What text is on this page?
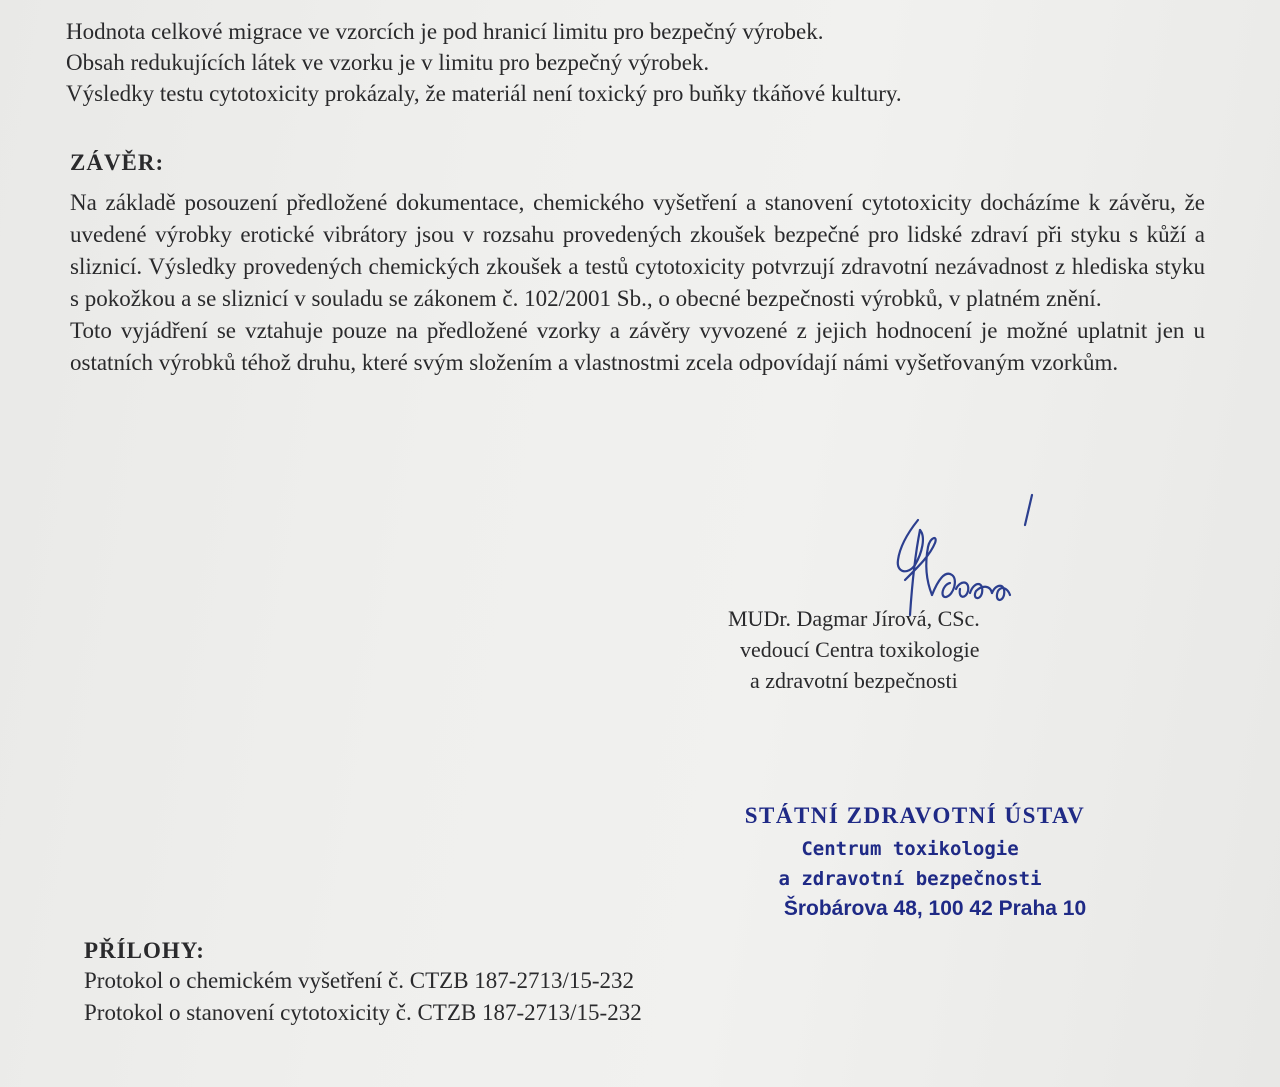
Hodnota celkové migrace ve vzorcích je pod hranicí limitu pro bezpečný výrobek.

Obsah redukujících látek ve vzorku je v limitu pro bezpečný výrobek.

Výsledky testu cytotoxicity prokázaly, že materiál není toxický pro buňky tkáňové kultury.

ZÁVĚR:

Na základě posouzení předložené dokumentace, chemického vyšetření a stanovení cytotoxicity docházíme k závěru, že uvedené výrobky erotické vibrátory jsou v rozsahu provedených zkoušek bezpečné pro lidské zdraví při styku s kůží a sliznicí. Výsledky provedených chemických zkoušek a testů cytotoxicity potvrzují zdravotní nezávadnost z hlediska styku s pokožkou a se sliznicí v souladu se zákonem č. 102/2001 Sb., o obecné bezpečnosti výrobků, v platném znění.

Toto vyjádření se vztahuje pouze na předložené vzorky a závěry vyvozené z jejich hodnocení je možné uplatnit jen u ostatních výrobků téhož druhu, které svým složením a vlastnostmi zcela odpovídají námi vyšetřovaným vzorkům.

MUDr. Dagmar Jírová, CSc.
vedoucí Centra toxikologie
a zdravotní bezpečnosti
STÁTNÍ ZDRAVOTNÍ ÚSTAV
Centrum toxikologie
a zdravotní bezpečnosti
Šrobárova 48, 100 42 Praha 10
PŘÍLOHY:
Protokol o chemickém vyšetření č. CTZB 187-2713/15-232
Protokol o stanovení cytotoxicity č. CTZB 187-2713/15-232
